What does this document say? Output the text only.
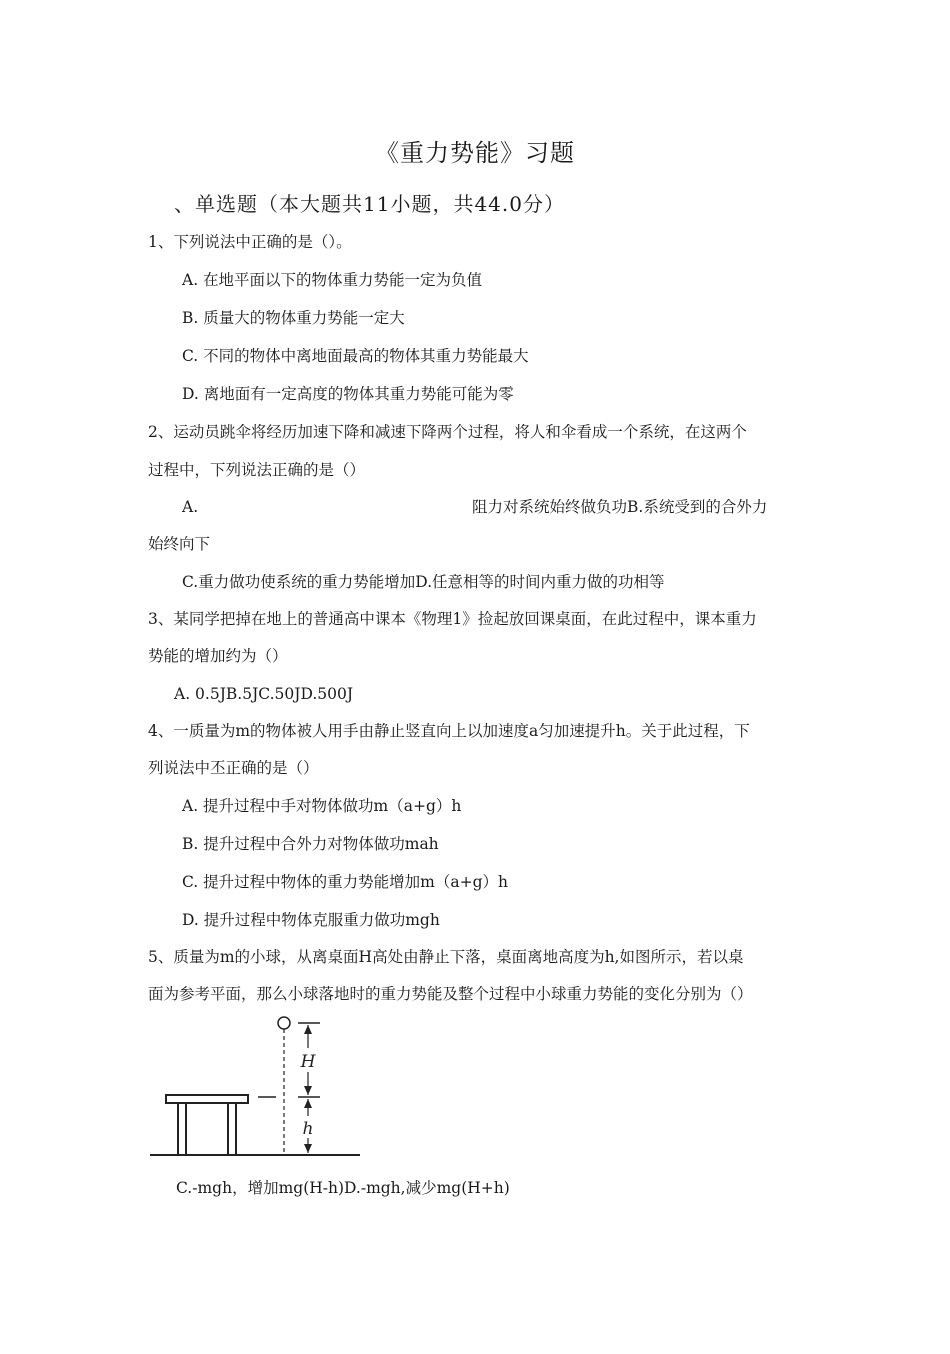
《重力势能》习题
、单选题（本大题共11小题，共44.0分）
1、下列说法中正确的是（）。
A. 在地平面以下的物体重力势能一定为负值
B. 质量大的物体重力势能一定大
C. 不同的物体中离地面最高的物体其重力势能最大
D. 离地面有一定高度的物体其重力势能可能为零
2、运动员跳伞将经历加速下降和减速下降两个过程，将人和伞看成一个系统，在这两个
过程中，下列说法正确的是（）
A.	阻力对系统始终做负功B.系统受到的合外力
始终向下
C.重力做功使系统的重力势能增加D.任意相等的时间内重力做的功相等
3、某同学把掉在地上的普通高中课本《物理1》捡起放回课桌面，在此过程中，课本重力
势能的增加约为（）
A. 0.5JB.5JC.50JD.500J
4、一质量为m的物体被人用手由静止竖直向上以加速度a匀加速提升h。关于此过程，下
列说法中丕正确的是（）
A. 提升过程中手对物体做功m（a+g）h
B. 提升过程中合外力对物体做功mah
C. 提升过程中物体的重力势能增加m（a+g）h
D. 提升过程中物体克服重力做功mgh
5、质量为m的小球，从离桌面H高处由静止下落，桌面离地高度为h,如图所示，若以桌
面为参考平面，那么小球落地时的重力势能及整个过程中小球重力势能的变化分别为（）
H
h
C.-mgh，增加mg(H-h)D.-mgh,减少mg(H+h)
